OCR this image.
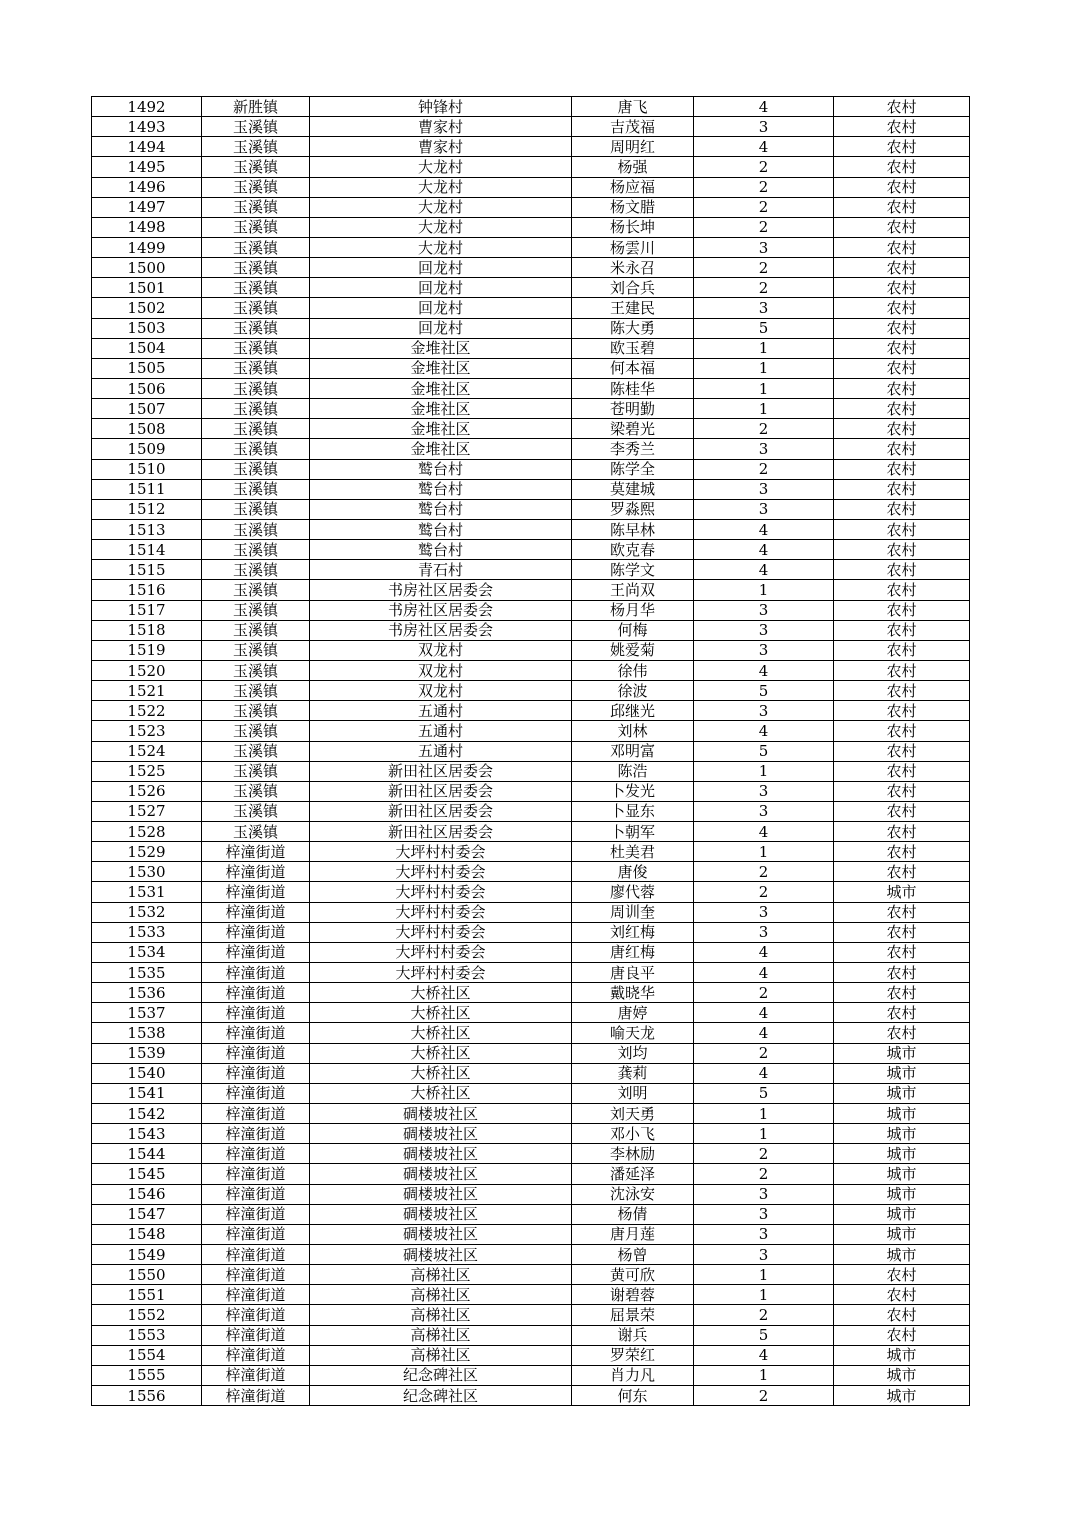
1492	新胜镇	钟锋村	唐飞	4	农村
1493	玉溪镇	曹家村	吉茂福	3	农村
1494	玉溪镇	曹家村	周明红	4	农村
1495	玉溪镇	大龙村	杨强	2	农村
1496	玉溪镇	大龙村	杨应福	2	农村
1497	玉溪镇	大龙村	杨文腊	2	农村
1498	玉溪镇	大龙村	杨长坤	2	农村
1499	玉溪镇	大龙村	杨雲川	3	农村
1500	玉溪镇	回龙村	米永召	2	农村
1501	玉溪镇	回龙村	刘合兵	2	农村
1502	玉溪镇	回龙村	王建民	3	农村
1503	玉溪镇	回龙村	陈大勇	5	农村
1504	玉溪镇	金堆社区	欧玉碧	1	农村
1505	玉溪镇	金堆社区	何本福	1	农村
1506	玉溪镇	金堆社区	陈桂华	1	农村
1507	玉溪镇	金堆社区	苍明勤	1	农村
1508	玉溪镇	金堆社区	梁碧光	2	农村
1509	玉溪镇	金堆社区	李秀兰	3	农村
1510	玉溪镇	鹫台村	陈学全	2	农村
1511	玉溪镇	鹫台村	莫建城	3	农村
1512	玉溪镇	鹫台村	罗淼熙	3	农村
1513	玉溪镇	鹫台村	陈早林	4	农村
1514	玉溪镇	鹫台村	欧克春	4	农村
1515	玉溪镇	青石村	陈学文	4	农村
1516	玉溪镇	书房社区居委会	王尚双	1	农村
1517	玉溪镇	书房社区居委会	杨月华	3	农村
1518	玉溪镇	书房社区居委会	何梅	3	农村
1519	玉溪镇	双龙村	姚爱菊	3	农村
1520	玉溪镇	双龙村	徐伟	4	农村
1521	玉溪镇	双龙村	徐波	5	农村
1522	玉溪镇	五通村	邱继光	3	农村
1523	玉溪镇	五通村	刘林	4	农村
1524	玉溪镇	五通村	邓明富	5	农村
1525	玉溪镇	新田社区居委会	陈浩	1	农村
1526	玉溪镇	新田社区居委会	卜发光	3	农村
1527	玉溪镇	新田社区居委会	卜显东	3	农村
1528	玉溪镇	新田社区居委会	卜朝军	4	农村
1529	梓潼街道	大坪村村委会	杜美君	1	农村
1530	梓潼街道	大坪村村委会	唐俊	2	农村
1531	梓潼街道	大坪村村委会	廖代蓉	2	城市
1532	梓潼街道	大坪村村委会	周训奎	3	农村
1533	梓潼街道	大坪村村委会	刘红梅	3	农村
1534	梓潼街道	大坪村村委会	唐红梅	4	农村
1535	梓潼街道	大坪村村委会	唐良平	4	农村
1536	梓潼街道	大桥社区	戴晓华	2	农村
1537	梓潼街道	大桥社区	唐婷	4	农村
1538	梓潼街道	大桥社区	喻天龙	4	农村
1539	梓潼街道	大桥社区	刘均	2	城市
1540	梓潼街道	大桥社区	龚莉	4	城市
1541	梓潼街道	大桥社区	刘明	5	城市
1542	梓潼街道	碉楼坡社区	刘天勇	1	城市
1543	梓潼街道	碉楼坡社区	邓小飞	1	城市
1544	梓潼街道	碉楼坡社区	李林励	2	城市
1545	梓潼街道	碉楼坡社区	潘延泽	2	城市
1546	梓潼街道	碉楼坡社区	沈泳安	3	城市
1547	梓潼街道	碉楼坡社区	杨倩	3	城市
1548	梓潼街道	碉楼坡社区	唐月莲	3	城市
1549	梓潼街道	碉楼坡社区	杨曾	3	城市
1550	梓潼街道	高梯社区	黄可欣	1	农村
1551	梓潼街道	高梯社区	谢碧蓉	1	农村
1552	梓潼街道	高梯社区	屈景荣	2	农村
1553	梓潼街道	高梯社区	谢兵	5	农村
1554	梓潼街道	高梯社区	罗荣红	4	城市
1555	梓潼街道	纪念碑社区	肖力凡	1	城市
1556	梓潼街道	纪念碑社区	何东	2	城市
